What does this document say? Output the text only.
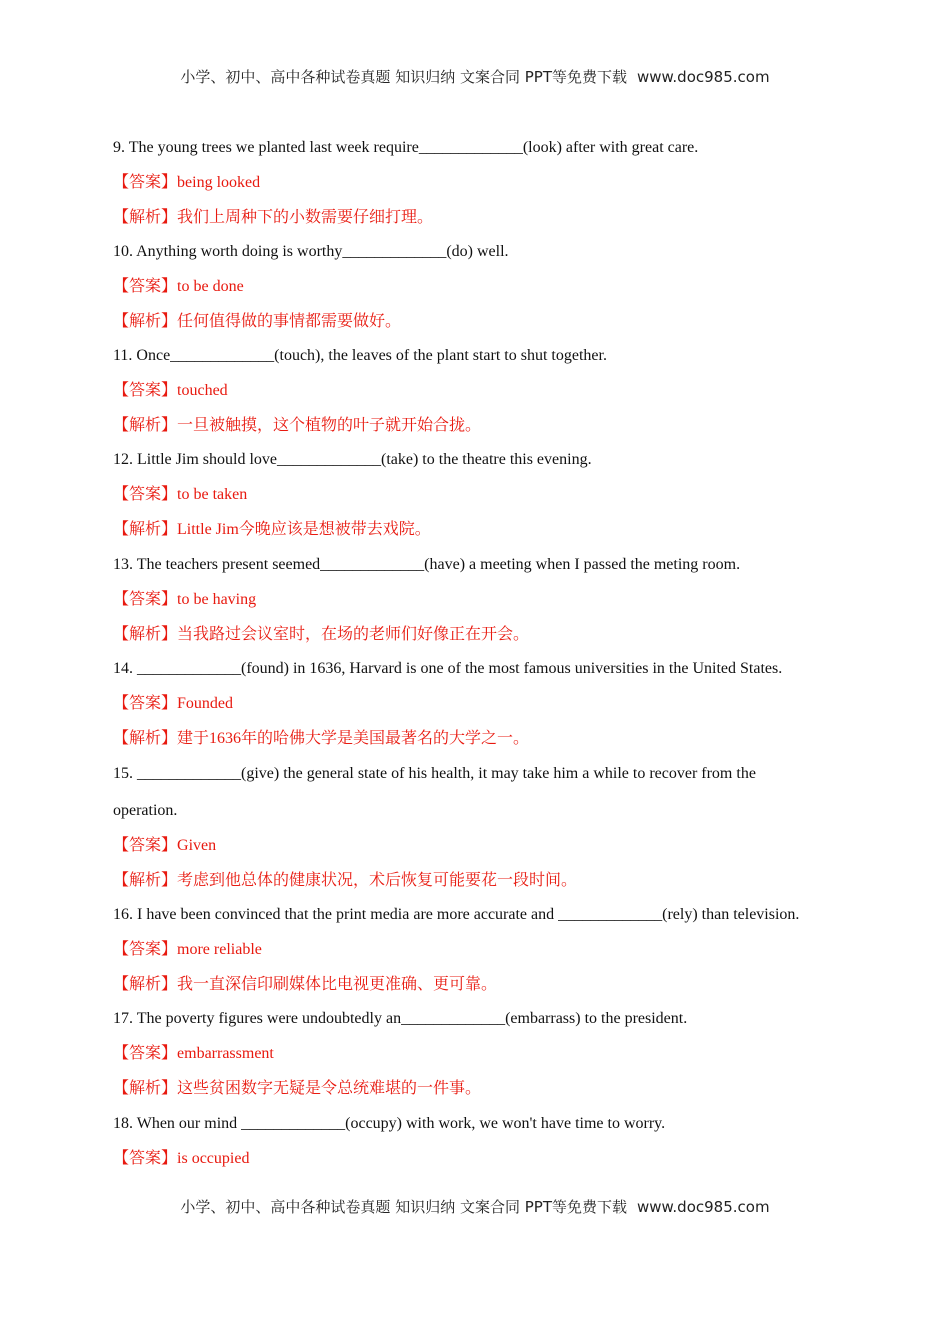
小学、初中、高中各种试卷真题 知识归纳 文案合同 PPT等免费下载 www.doc985.com
9. The young trees we planted last week require_____________(look) after with great care.
【答案】being looked
【解析】我们上周种下的小数需要仔细打理。
10. Anything worth doing is worthy_____________(do) well.
【答案】to be done
【解析】任何值得做的事情都需要做好。
11. Once_____________(touch), the leaves of the plant start to shut together.
【答案】touched
【解析】一旦被触摸，这个植物的叶子就开始合拢。
12. Little Jim should love_____________(take) to the theatre this evening.
【答案】to be taken
【解析】Little Jim今晚应该是想被带去戏院。
13. The teachers present seemed_____________(have) a meeting when I passed the meting room.
【答案】to be having
【解析】当我路过会议室时，在场的老师们好像正在开会。
14. _____________(found) in 1636, Harvard is one of the most famous universities in the United States.
【答案】Founded
【解析】建于1636年的哈佛大学是美国最著名的大学之一。
15. _____________(give) the general state of his health, it may take him a while to recover from the
operation.
【答案】Given
【解析】考虑到他总体的健康状况，术后恢复可能要花一段时间。
16. I have been convinced that the print media are more accurate and _____________(rely) than television.
【答案】more reliable
【解析】我一直深信印刷媒体比电视更准确、更可靠。
17. The poverty figures were undoubtedly an_____________(embarrass) to the president.
【答案】embarrassment
【解析】这些贫困数字无疑是令总统难堪的一件事。
18. When our mind _____________(occupy) with work, we won't have time to worry.
【答案】is occupied
小学、初中、高中各种试卷真题 知识归纳 文案合同 PPT等免费下载 www.doc985.com
